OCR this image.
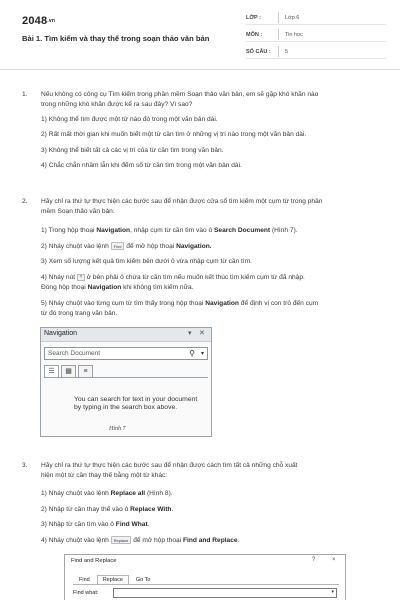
2048.vn
Bài 1. Tìm kiếm và thay thế trong soạn thảo văn bản
LỚP :	Lớp 6
MÔN :	Tin học
SỐ CÂU :	5
1. Nếu không có công cụ Tìm kiếm trong phần mềm Soạn thảo văn bản, em sẽ gặp khó khăn nào
trong những khó khăn được kể ra sau đây? Vì sao?
1) Không thể tìm được một từ nào đó trong một văn bản dài.
2) Rất mất thời gian khi muốn biết một từ cần tìm ở những vị trí nào trong một văn bản dài.
3) Không thể biết tất cả các vị trí của từ cần tìm trong văn bản.
4) Chắc chắn nhầm lẫn khi đếm số từ cần tìm trong một văn bản dài.
2. Hãy chỉ ra thứ tự thực hiện các bước sau để nhận được cửa sổ tìm kiếm một cụm từ trong phần
mềm Soạn thảo văn bản:
1) Trong hộp thoại Navigation, nhập cụm từ cần tìm vào ô Search Document (Hình 7).
2) Nháy chuột vào lệnh Find để mở hộp thoại Navigation.
3) Xem số lượng kết quả tìm kiếm bên dưới ô vừa nhập cụm từ cần tìm.
4) Nháy nút × ở bên phải ô chứa từ cần tìm nếu muốn kết thúc tìm kiếm cụm từ đã nhập.
Đóng hộp thoại Navigation khi không tìm kiếm nữa.
5) Nháy chuột vào từng cụm từ tìm thấy trong hộp thoại Navigation để định vị con trỏ đến cụm
từ đó trong trang văn bản.
Navigation	▾ ✕
Search Document	⚲ ▾
☰	▦	≡
You can search for text in your document by typing in the search box above.
Hình 7
3. Hãy chỉ ra thứ tự thực hiện các bước sau để nhận được cách tìm tất cả những chỗ xuất
hiện một từ cần thay thế bằng một từ khác:
1) Nháy chuột vào lệnh Replace all (Hình 8).
2) Nhập từ cần thay thế vào ô Replace With.
3) Nhập từ cần tìm vào ô Find What.
4) Nháy chuột vào lệnh Replace để mở hộp thoại Find and Replace.
Find and Replace	?	×
Find	Replace	Go To
Find what:	▾
